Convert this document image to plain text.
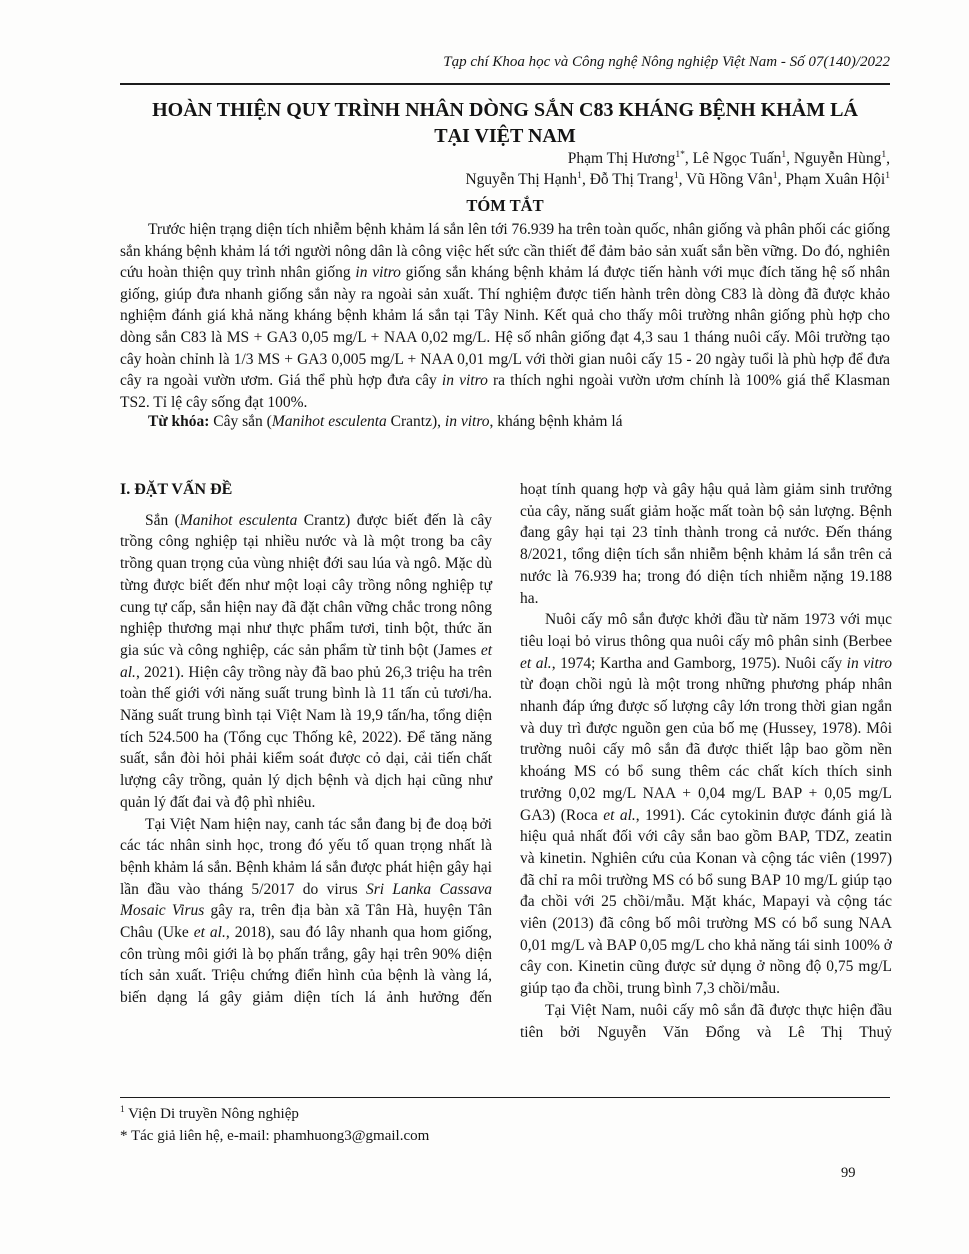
Tạp chí Khoa học và Công nghệ Nông nghiệp Việt Nam - Số 07(140)/2022
HOÀN THIỆN QUY TRÌNH NHÂN DÒNG SẮN C83 KHÁNG BỆNH KHẢM LÁ
TẠI VIỆT NAM
Phạm Thị Hương$^{1*}$, Lê Ngọc Tuấn$^1$, Nguyễn Hùng$^1$,
Nguyễn Thị Hạnh$^1$, Đỗ Thị Trang$^1$, Vũ Hồng Vân$^1$, Phạm Xuân Hội$^1$
TÓM TẮT

Trước hiện trạng diện tích nhiễm bệnh khảm lá sắn lên tới 76.939 ha trên toàn quốc, nhân giống và phân phối các giống sắn kháng bệnh khảm lá tới người nông dân là công việc hết sức cần thiết để đảm bảo sản xuất sắn bền vững. Do đó, nghiên cứu hoàn thiện quy trình nhân giống in vitro giống sắn kháng bệnh khảm lá được tiến hành với mục đích tăng hệ số nhân giống, giúp đưa nhanh giống sắn này ra ngoài sản xuất. Thí nghiệm được tiến hành trên dòng C83 là dòng đã được khảo nghiệm đánh giá khả năng kháng bệnh khảm lá sắn tại Tây Ninh. Kết quả cho thấy môi trường nhân giống phù hợp cho dòng sắn C83 là MS + GA3 0,05 mg/L + NAA 0,02 mg/L. Hệ số nhân giống đạt 4,3 sau 1 tháng nuôi cấy. Môi trường tạo cây hoàn chỉnh là 1/3 MS + GA3 0,005 mg/L + NAA 0,01 mg/L với thời gian nuôi cấy 15 - 20 ngày tuổi là phù hợp để đưa cây ra ngoài vườn ươm. Giá thể phù hợp đưa cây in vitro ra thích nghi ngoài vườn ươm chính là 100% giá thể Klasman TS2. Tỉ lệ cây sống đạt 100%.

Từ khóa: Cây sắn (Manihot esculenta Crantz), in vitro, kháng bệnh khảm lá

I. ĐẶT VẤN ĐỀ

Sắn (Manihot esculenta Crantz) được biết đến là cây trồng công nghiệp tại nhiều nước và là một trong ba cây trồng quan trọng của vùng nhiệt đới sau lúa và ngô. Mặc dù từng được biết đến như một loại cây trồng nông nghiệp tự cung tự cấp, sắn hiện nay đã đặt chân vững chắc trong nông nghiệp thương mại như thực phẩm tươi, tinh bột, thức ăn gia súc và công nghiệp, các sản phẩm từ tinh bột (James et al., 2021). Hiện cây trồng này đã bao phủ 26,3 triệu ha trên toàn thế giới với năng suất trung bình là 11 tấn củ tươi/ha. Năng suất trung bình tại Việt Nam là 19,9 tấn/ha, tổng diện tích 524.500 ha (Tổng cục Thống kê, 2022). Để tăng năng suất, sắn đòi hỏi phải kiểm soát được cỏ dại, cải tiến chất lượng cây trồng, quản lý dịch bệnh và dịch hại cũng như quản lý đất đai và độ phì nhiêu.

Tại Việt Nam hiện nay, canh tác sắn đang bị đe doạ bởi các tác nhân sinh học, trong đó yếu tố quan trọng nhất là bệnh khảm lá sắn. Bệnh khảm lá sắn được phát hiện gây hại lần đầu vào tháng 5/2017 do virus Sri Lanka Cassava Mosaic Virus gây ra, trên địa bàn xã Tân Hà, huyện Tân Châu (Uke et al., 2018), sau đó lây nhanh qua hom giống, côn trùng môi giới là bọ phấn trắng, gây hại trên 90% diện tích sản xuất. Triệu chứng điển hình của bệnh là vàng lá, biến dạng lá gây giảm diện tích lá ảnh hưởng đến

hoạt tính quang hợp và gây hậu quả làm giảm sinh trưởng của cây, năng suất giảm hoặc mất toàn bộ sản lượng. Bệnh đang gây hại tại 23 tỉnh thành trong cả nước. Đến tháng 8/2021, tổng diện tích sắn nhiễm bệnh khảm lá sắn trên cả nước là 76.939 ha; trong đó diện tích nhiễm nặng 19.188 ha.

Nuôi cấy mô sắn được khởi đầu từ năm 1973 với mục tiêu loại bỏ virus thông qua nuôi cấy mô phân sinh (Berbee et al., 1974; Kartha and Gamborg, 1975). Nuôi cấy in vitro từ đoạn chồi ngủ là một trong những phương pháp nhân nhanh đáp ứng được số lượng cây lớn trong thời gian ngắn và duy trì được nguồn gen của bố mẹ (Hussey, 1978). Môi trường nuôi cấy mô sắn đã được thiết lập bao gồm nền khoáng MS có bổ sung thêm các chất kích thích sinh trưởng 0,02 mg/L NAA + 0,04 mg/L BAP + 0,05 mg/L GA3) (Roca et al., 1991). Các cytokinin được đánh giá là hiệu quả nhất đối với cây sắn bao gồm BAP, TDZ, zeatin và kinetin. Nghiên cứu của Konan và cộng tác viên (1997) đã chỉ ra môi trường MS có bổ sung BAP 10 mg/L giúp tạo đa chồi với 25 chồi/mẫu. Mặt khác, Mapayi và cộng tác viên (2013) đã công bố môi trường MS có bổ sung NAA 0,01 mg/L và BAP 0,05 mg/L cho khả năng tái sinh 100% ở cây con. Kinetin cũng được sử dụng ở nồng độ 0,75 mg/L giúp tạo đa chồi, trung bình 7,3 chồi/mẫu.

Tại Việt Nam, nuôi cấy mô sắn đã được thực hiện đầu tiên bởi Nguyễn Văn Đổng và Lê Thị Thuỷ

$^1$ Viện Di truyền Nông nghiệp

* Tác giả liên hệ, e-mail: phamhuong3@gmail.com

99
